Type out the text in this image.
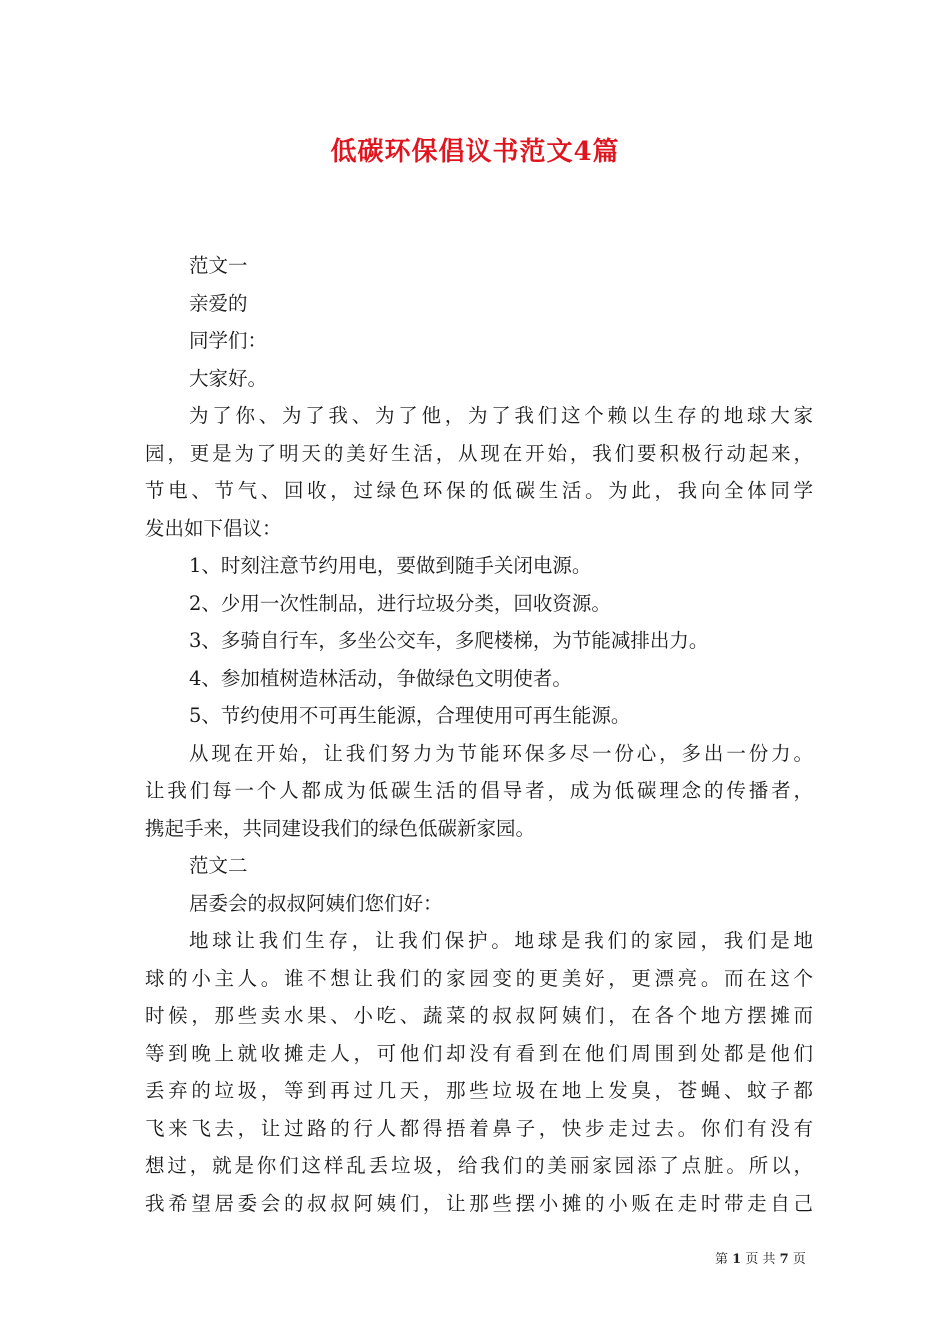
低碳环保倡议书范文4篇
范文一
亲爱的
同学们：
大家好。
为了你、为了我、为了他，为了我们这个赖以生存的地球大家
园，更是为了明天的美好生活，从现在开始，我们要积极行动起来，
节电、节气、回收，过绿色环保的低碳生活。为此，我向全体同学
发出如下倡议：
1、时刻注意节约用电，要做到随手关闭电源。
2、少用一次性制品，进行垃圾分类，回收资源。
3、多骑自行车，多坐公交车，多爬楼梯，为节能减排出力。
4、参加植树造林活动，争做绿色文明使者。
5、节约使用不可再生能源，合理使用可再生能源。
从现在开始，让我们努力为节能环保多尽一份心，多出一份力。
让我们每一个人都成为低碳生活的倡导者，成为低碳理念的传播者，
携起手来，共同建设我们的绿色低碳新家园。
范文二
居委会的叔叔阿姨们您们好：
地球让我们生存，让我们保护。地球是我们的家园，我们是地
球的小主人。谁不想让我们的家园变的更美好，更漂亮。而在这个
时候，那些卖水果、小吃、蔬菜的叔叔阿姨们，在各个地方摆摊而
等到晚上就收摊走人，可他们却没有看到在他们周围到处都是他们
丢弃的垃圾，等到再过几天，那些垃圾在地上发臭，苍蝇、蚊子都
飞来飞去，让过路的行人都得捂着鼻子，快步走过去。你们有没有
想过，就是你们这样乱丢垃圾，给我们的美丽家园添了点脏。所以，
我希望居委会的叔叔阿姨们，让那些摆小摊的小贩在走时带走自己
第 1 页 共 7 页
